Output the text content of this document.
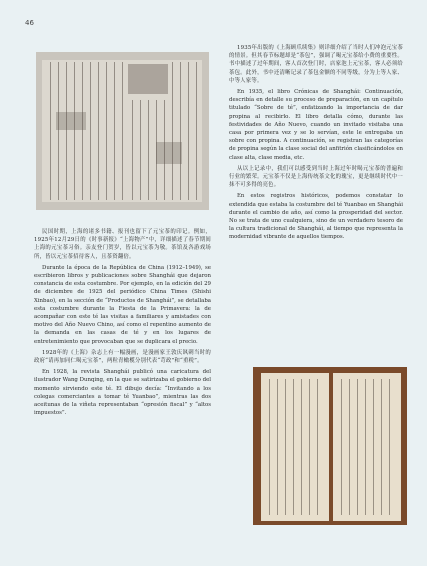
46

民国时期，上海的诸多书籍、报刊也留下了元宝茶的印记。例如，1925年12月29日的《时事新报》“上海物产”中，详细描述了春节期间上海的元宝茶习俗。亲友登门贺岁，皆以元宝茶为敬。茶馆及各游戏场所，皆以元宝茶招待客人，且茶资翻倍。

Durante la época de la República de China (1912–1949), se escribieron libros y publicaciones sobre Shanghái que dejaron constancia de esta costumbre. Por ejemplo, en la edición del 29 de diciembre de 1925 del periódico China Times (Shishi Xinbao), en la sección de “Productos de Shanghái”, se detallaba esta costumbre durante la Fiesta de la Primavera: la de acompañar con este té las visitas a familiares y amistades con motivo del Año Nuevo Chino, así como el repentino aumento de la demanda en las casas de té y en los lugares de entretenimiento que provocaban que se duplicara el precio.

1928年的《上海》杂志上有一幅漫画，是漫画家王敦庆讽刺当时的政府“请再加同仁喝元宝茶”，两粒青橄榄分别代表“苛政”和“重税”。

En 1928, la revista Shanghái publicó una caricatura del ilustrador Wang Dunqing, en la que se satirizaba el gobierno del momento sirviendo este té. El dibujo decía: “Invitando a los colegas comerciantes a tomar té Yuanbao”, mientras las dos aceitunas de la viñeta representaban “opresión fiscal” y “altos impuestos”.

1935年出版的《上海顾爪续集》则详细介绍了当时人们冲泡元宝茶的情景。但其春节标题却是“茶包”，强调了喝元宝茶给小费的重要性。书中描述了过年期间，客人首次登门时，店家泡上元宝茶，客人必须给茶包。此外，书中还清晰记录了茶包金额的不同等级，分为上等人家、中等人家等。

En 1935, el libro Crónicas de Shanghái: Continuación, describía en detalle su proceso de preparación, en un capítulo titulado “Sobre de té”, enfatizando la importancia de dar propina al recibirlo. El libro detalla cómo, durante las festividades de Año Nuevo, cuando un invitado visitaba una casa por primera vez y se lo servían, este le entregaba un sobre con propina. A continuación, se registran las categorías de propina según la clase social del anfitrión clasificándolos en clase alta, clase media, etc.

从以上记录中，我们可以感受到当时上海过年时喝元宝茶的普遍和行业的繁荣。元宝茶不仅是上海传统茶文化的瑰宝，更是继续时代中一抹不可多得的亮色。

En estos registros históricos, podemos constatar lo extendida que estaba la costumbre del té Yuanbao en Shanghái durante el cambio de año, así como la prosperidad del sector. No se trata de uno cualquiera, sino de un verdadero tesoro de la cultura tradicional de Shanghái, al tiempo que representa la modernidad vibrante de aquellos tiempos.
